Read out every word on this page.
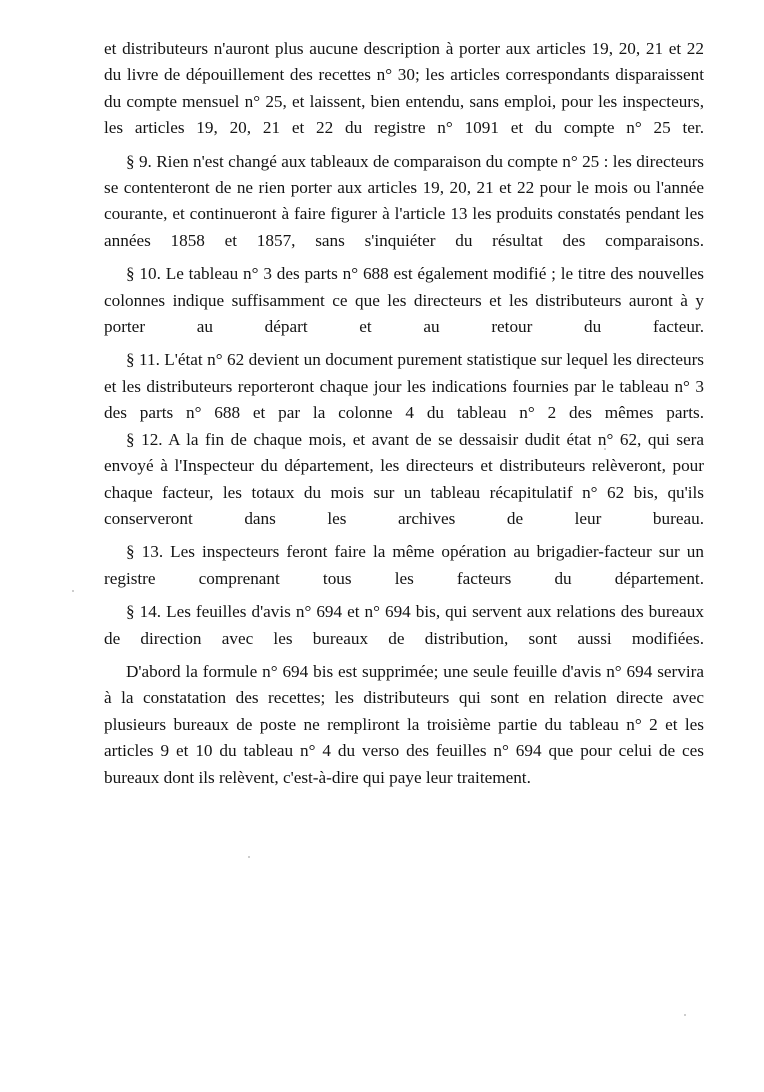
et distributeurs n'auront plus aucune description à porter aux articles 19, 20, 21 et 22 du livre de dépouillement des recettes n° 30; les articles correspondants disparaissent du compte mensuel n° 25, et laissent, bien entendu, sans emploi, pour les inspecteurs, les articles 19, 20, 21 et 22 du registre n° 1091 et du compte n° 25 ter.

§ 9. Rien n'est changé aux tableaux de comparaison du compte n° 25 : les directeurs se contenteront de ne rien porter aux articles 19, 20, 21 et 22 pour le mois ou l'année courante, et continueront à faire figurer à l'article 13 les produits constatés pendant les années 1858 et 1857, sans s'inquiéter du résultat des comparaisons.

§ 10. Le tableau n° 3 des parts n° 688 est également modifié ; le titre des nouvelles colonnes indique suffisamment ce que les directeurs et les distributeurs auront à y porter au départ et au retour du facteur.

§ 11. L'état n° 62 devient un document purement statistique sur lequel les directeurs et les distributeurs reporteront chaque jour les indications fournies par le tableau n° 3 des parts n° 688 et par la colonne 4 du tableau n° 2 des mêmes parts.

§ 12. A la fin de chaque mois, et avant de se dessaisir dudit état n° 62, qui sera envoyé à l'Inspecteur du département, les directeurs et distributeurs relèveront, pour chaque facteur, les totaux du mois sur un tableau récapitulatif n° 62 bis, qu'ils conserveront dans les archives de leur bureau.

§ 13. Les inspecteurs feront faire la même opération au brigadier-facteur sur un registre comprenant tous les facteurs du département.

§ 14. Les feuilles d'avis n° 694 et n° 694 bis, qui servent aux relations des bureaux de direction avec les bureaux de distribution, sont aussi modifiées.

D'abord la formule n° 694 bis est supprimée; une seule feuille d'avis n° 694 servira à la constatation des recettes; les distributeurs qui sont en relation directe avec plusieurs bureaux de poste ne rempliront la troisième partie du tableau n° 2 et les articles 9 et 10 du tableau n° 4 du verso des feuilles n° 694 que pour celui de ces bureaux dont ils relèvent, c'est-à-dire qui paye leur traitement.
